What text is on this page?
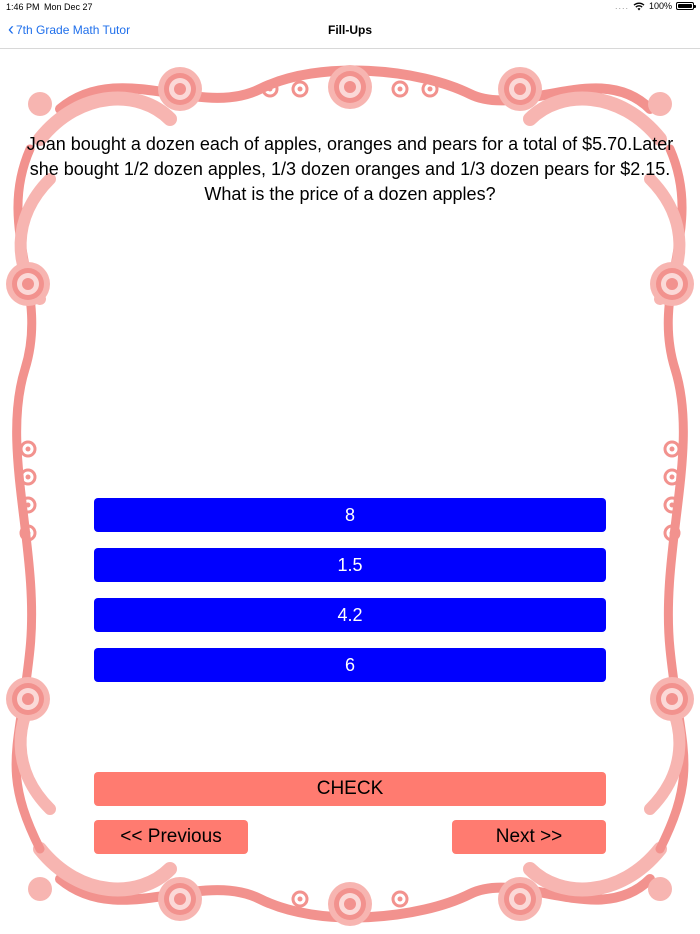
1:46 PM Mon Dec 27	.... 100%
‹ 7th Grade Math Tutor	Fill-Ups
Joan bought a dozen each of apples, oranges and pears for a total of $5.70.Later she bought 1/2 dozen apples, 1/3 dozen oranges and 1/3 dozen pears for $2.15. What is the price of a dozen apples?
8
1.5
4.2
6
CHECK
<< Previous	Next >>
